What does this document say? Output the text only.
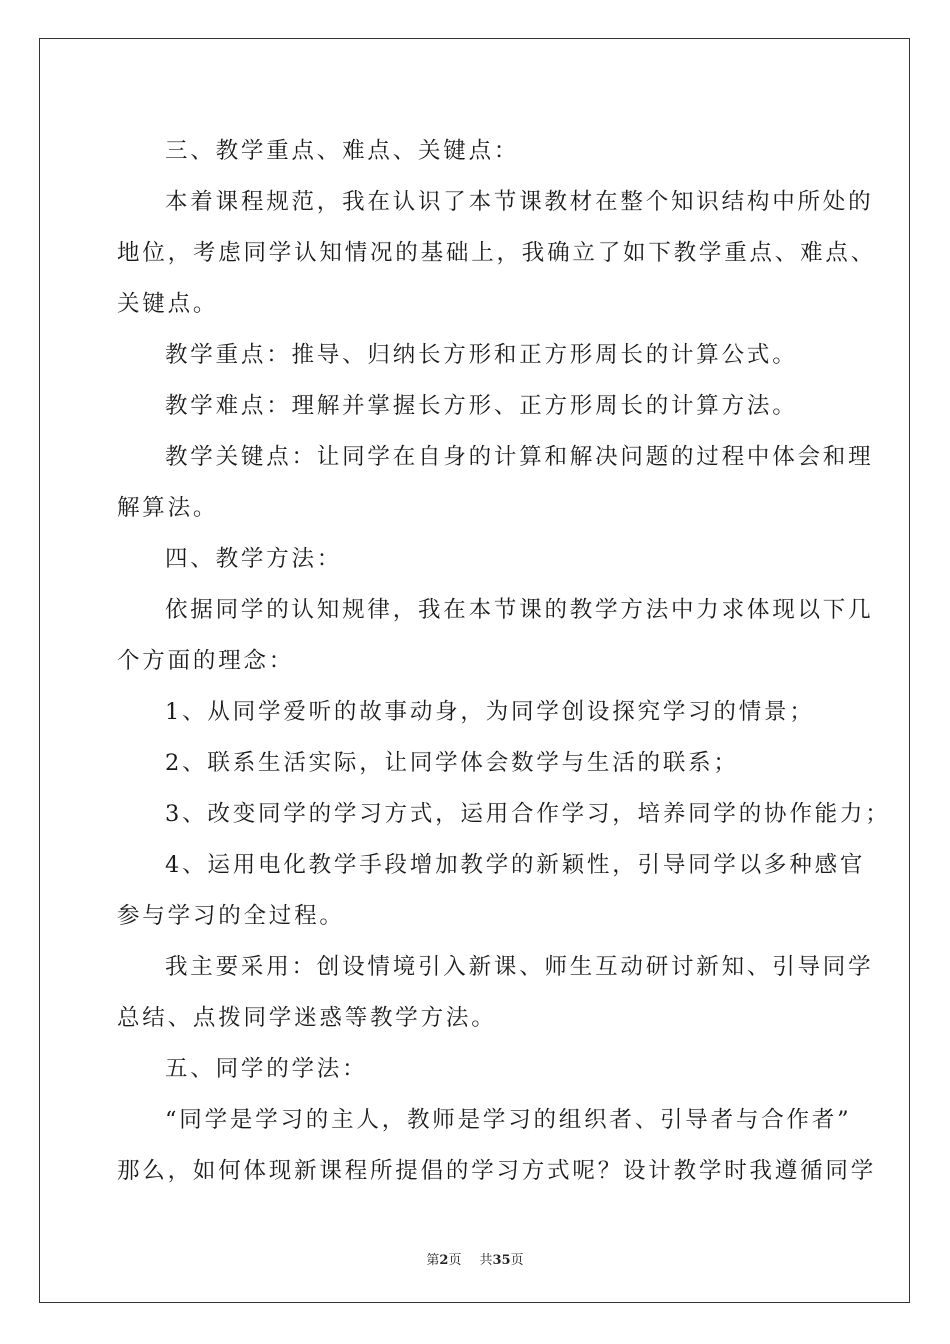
三、教学重点、难点、关键点：
本着课程规范，我在认识了本节课教材在整个知识结构中所处的
地位，考虑同学认知情况的基础上，我确立了如下教学重点、难点、
关键点。
教学重点：推导、归纳长方形和正方形周长的计算公式。
教学难点：理解并掌握长方形、正方形周长的计算方法。
教学关键点：让同学在自身的计算和解决问题的过程中体会和理
解算法。
四、教学方法：
依据同学的认知规律，我在本节课的教学方法中力求体现以下几
个方面的理念：
1、从同学爱听的故事动身，为同学创设探究学习的情景；
2、联系生活实际，让同学体会数学与生活的联系；
3、改变同学的学习方式，运用合作学习，培养同学的协作能力；
4、运用电化教学手段增加教学的新颖性，引导同学以多种感官
参与学习的全过程。
我主要采用：创设情境引入新课、师生互动研讨新知、引导同学
总结、点拨同学迷惑等教学方法。
五、同学的学法：
“同学是学习的主人，教师是学习的组织者、引导者与合作者”
那么，如何体现新课程所提倡的学习方式呢？设计教学时我遵循同学
第2页 共35页
